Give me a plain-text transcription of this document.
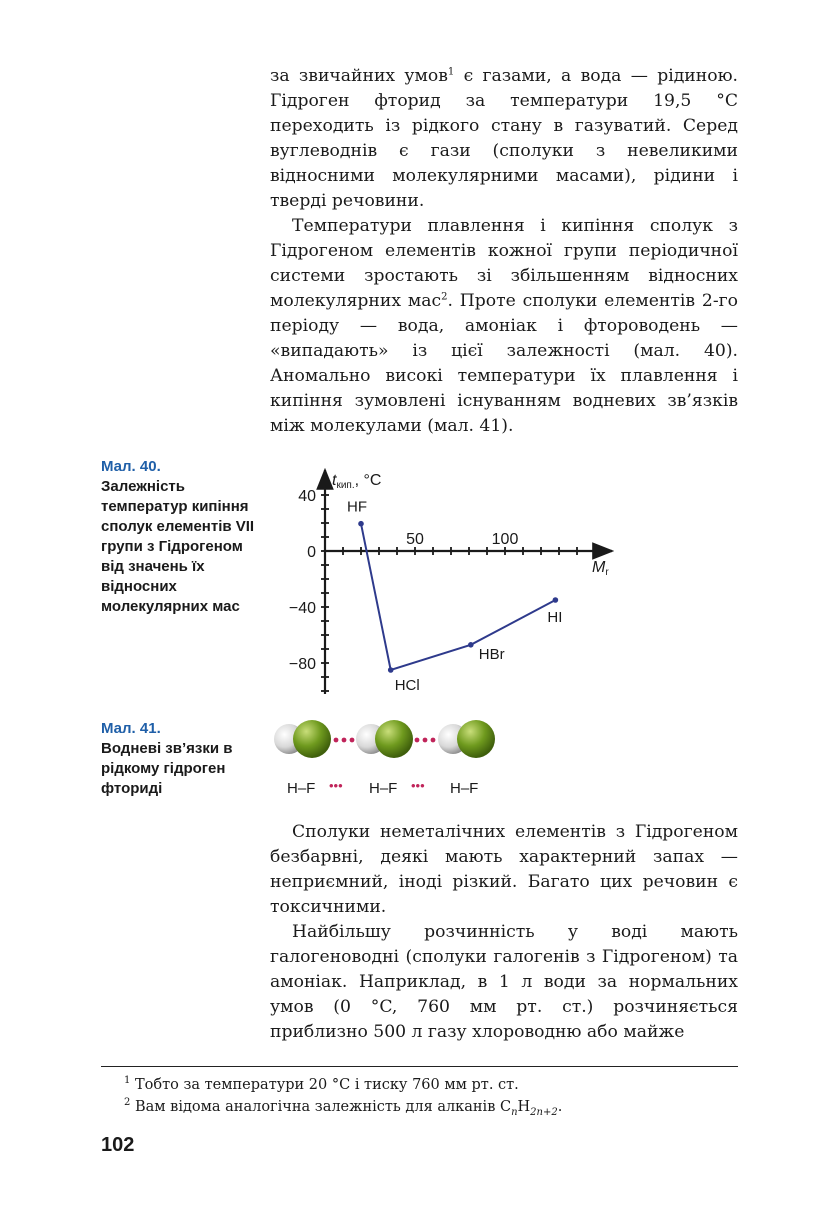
за звичайних умов$^1$ є газами, а вода — рідиною. Гідроген фторид за температури 19,5 °C переходить із рідкого стану в газуватий. Серед вуглеводнів є гази (сполуки з невеликими відносними молекулярними масами), рідини і тверді речовини.

Температури плавлення і кипіння сполук з Гідрогеном елементів кожної групи періодичної системи зростають зі збільшенням відносних молекулярних мас$^2$. Проте сполуки елементів 2-го періоду — вода, амоніак і фтороводень — «випадають» із цієї залежності (мал. 40). Аномально високі температури їх плавлення і кипіння зумовлені існуванням водневих зв’язків між молекулами (мал. 41).

Мал. 40.
Залежність температур кипіння сполук елементів VII групи з Гідрогеном від значень їх відносних молекулярних мас
Мал. 41.
Водневі зв’язки в рідкому гідроген фториді
40
0
−40
−80
50	100
tкип., °C
Mr
HF
HCl
HBr
HI
H–F ••• H–F ••• H–F

Сполуки неметалічних елементів з Гідрогеном безбарвні, деякі мають характерний запах — неприємний, іноді різкий. Багато цих речовин є токсичними.

Найбільшу розчинність у воді мають галогеноводні (сполуки галогенів з Гідрогеном) та амоніак. Наприклад, в 1 л води за нормальних умов (0 °C, 760 мм рт. ст.) розчиняється приблизно 500 л газу хлороводню або майже

$^1$ Тобто за температури 20 °C і тиску 760 мм рт. ст.
$^2$ Вам відома аналогічна залежність для алканів $C_nH_{2n+2}$.
102
